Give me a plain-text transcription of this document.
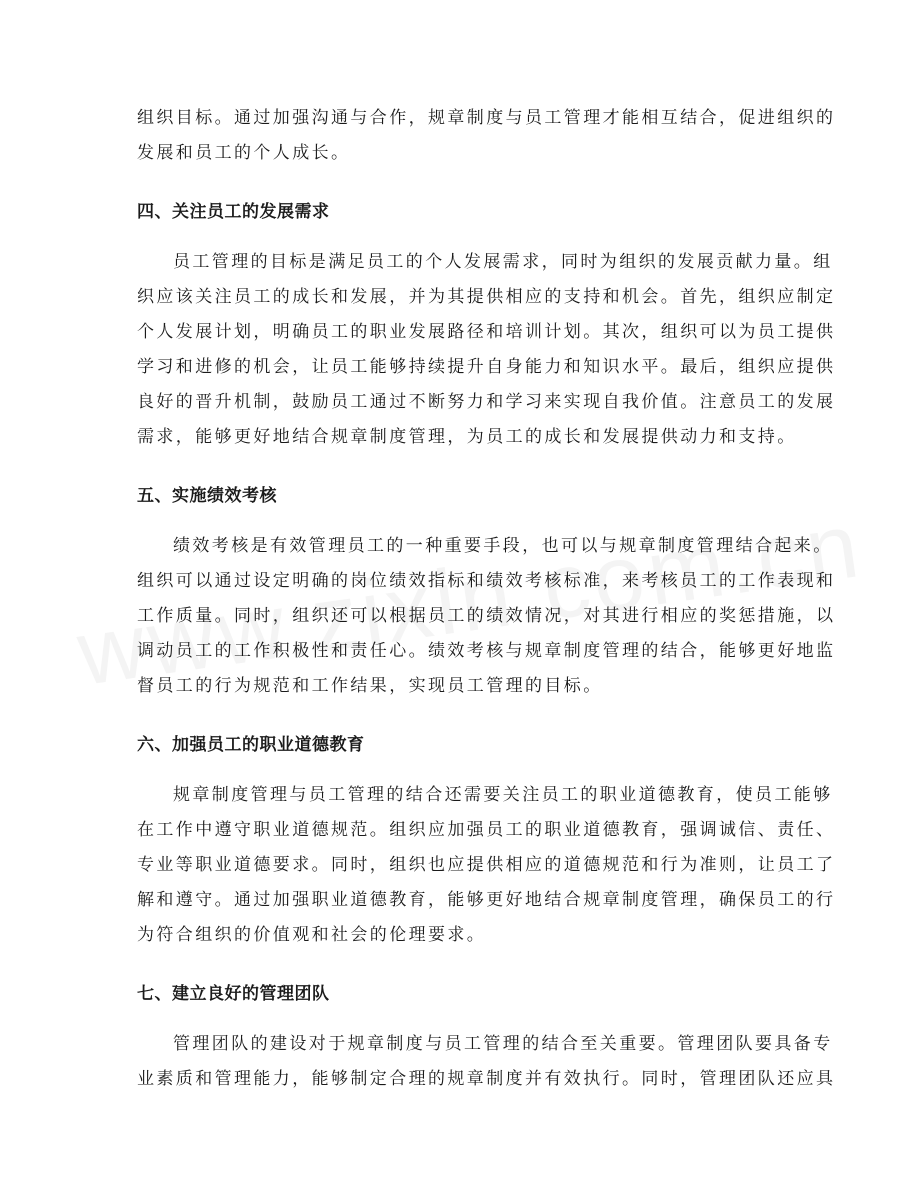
组织目标。通过加强沟通与合作，规章制度与员工管理才能相互结合，促进组织的
发展和员工的个人成长。

四、关注员工的发展需求

员工管理的目标是满足员工的个人发展需求，同时为组织的发展贡献力量。组
织应该关注员工的成长和发展，并为其提供相应的支持和机会。首先，组织应制定
个人发展计划，明确员工的职业发展路径和培训计划。其次，组织可以为员工提供
学习和进修的机会，让员工能够持续提升自身能力和知识水平。最后，组织应提供
良好的晋升机制，鼓励员工通过不断努力和学习来实现自我价值。注意员工的发展
需求，能够更好地结合规章制度管理，为员工的成长和发展提供动力和支持。

五、实施绩效考核

绩效考核是有效管理员工的一种重要手段，也可以与规章制度管理结合起来。
组织可以通过设定明确的岗位绩效指标和绩效考核标准，来考核员工的工作表现和
工作质量。同时，组织还可以根据员工的绩效情况，对其进行相应的奖惩措施，以
调动员工的工作积极性和责任心。绩效考核与规章制度管理的结合，能够更好地监
督员工的行为规范和工作结果，实现员工管理的目标。

六、加强员工的职业道德教育

规章制度管理与员工管理的结合还需要关注员工的职业道德教育，使员工能够
在工作中遵守职业道德规范。组织应加强员工的职业道德教育，强调诚信、责任、
专业等职业道德要求。同时，组织也应提供相应的道德规范和行为准则，让员工了
解和遵守。通过加强职业道德教育，能够更好地结合规章制度管理，确保员工的行
为符合组织的价值观和社会的伦理要求。

七、建立良好的管理团队

管理团队的建设对于规章制度与员工管理的结合至关重要。管理团队要具备专
业素质和管理能力，能够制定合理的规章制度并有效执行。同时，管理团队还应具
